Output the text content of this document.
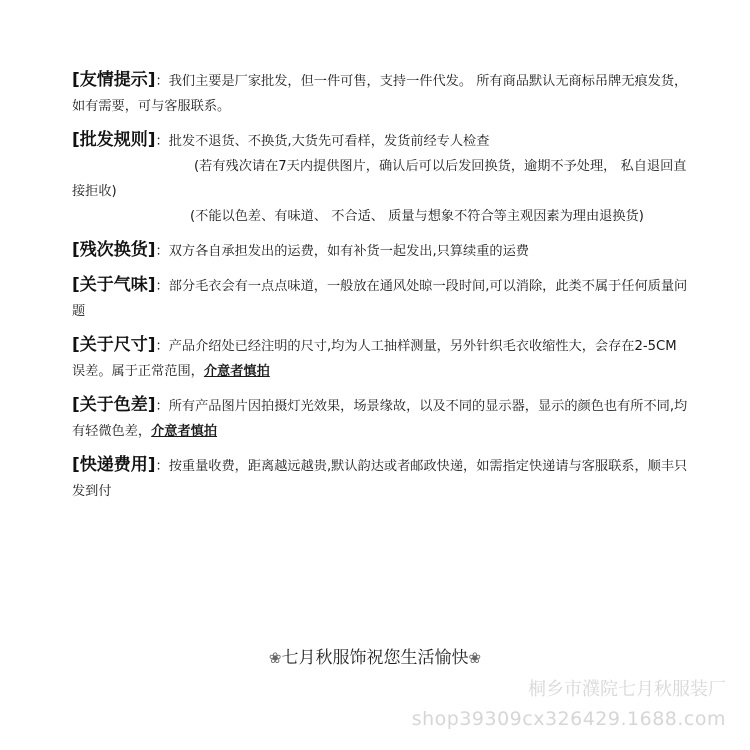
[友情提示]：我们主要是厂家批发，但一件可售，支持一件代发。 所有商品默认无商标吊牌无痕发货，如有需要，可与客服联系。

[批发规则]：批发不退货、不换货,大货先可看样，发货前经专人检查

(若有残次请在7天内提供图片，确认后可以后发回换货，逾期不予处理， 私自退回直接拒收)

(不能以色差、有味道、 不合适、 质量与想象不符合等主观因素为理由退换货)

[残次换货]：双方各自承担发出的运费，如有补货一起发出,只算续重的运费

[关于气味]：部分毛衣会有一点点味道，一般放在通风处晾一段时间,可以消除，此类不属于任何质量问题

[关于尺寸]：产品介绍处已经注明的尺寸,均为人工抽样测量，另外针织毛衣收缩性大，会存在2-5CM误差。属于正常范围，介意者慎拍

[关于色差]：所有产品图片因拍摄灯光效果，场景缘故，以及不同的显示器，显示的颜色也有所不同,均有轻微色差，介意者慎拍

[快递费用]：按重量收费，距离越远越贵,默认韵达或者邮政快递，如需指定快递请与客服联系，顺丰只发到付

❀七月秋服饰祝您生活愉快❀
桐乡市濮院七月秋服装厂
shop39309cx326429.1688.com
